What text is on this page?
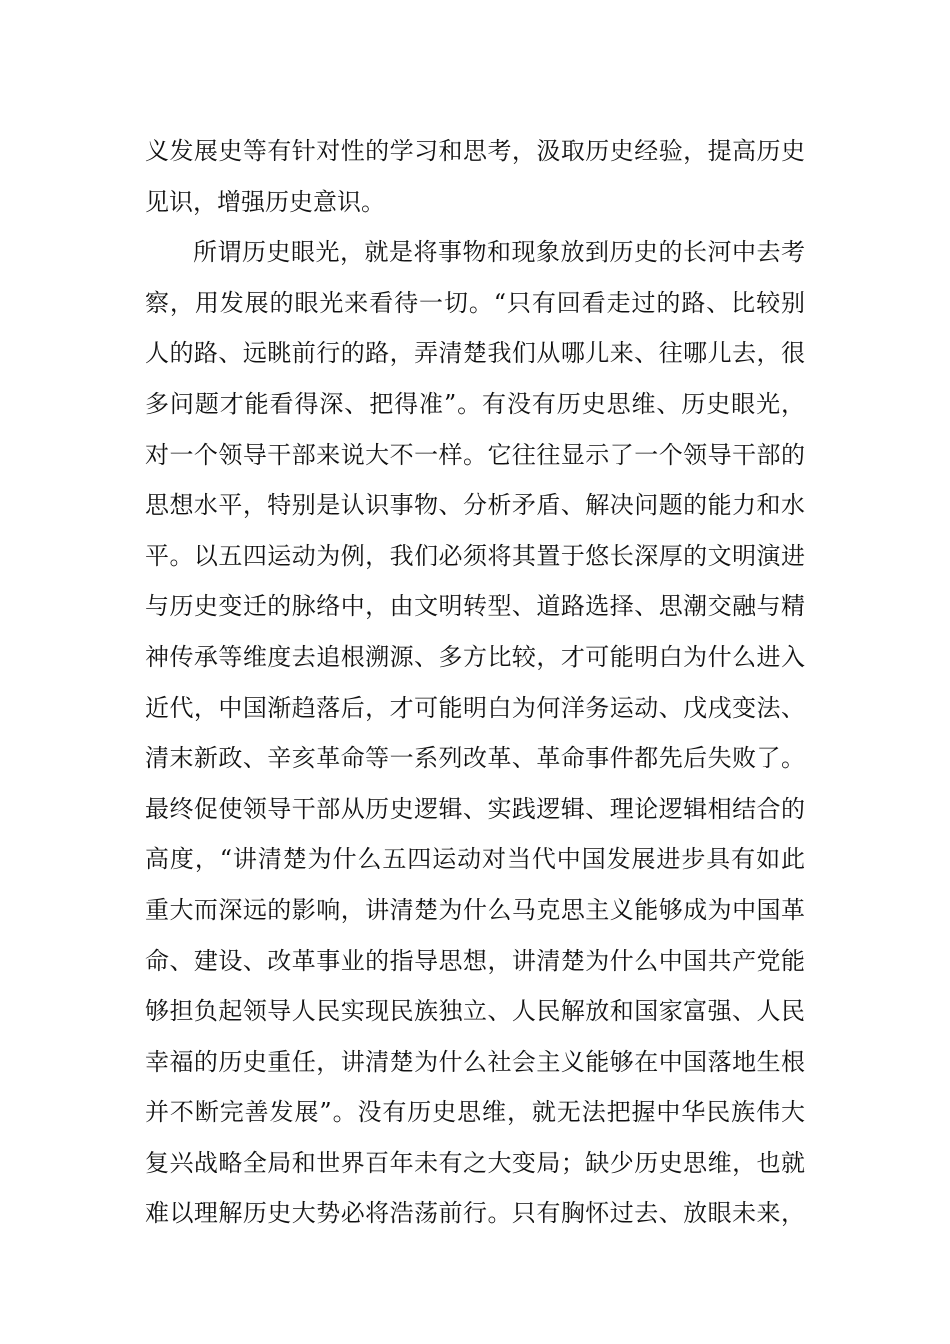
义发展史等有针对性的学习和思考，汲取历史经验，提高历史
见识，增强历史意识。
所谓历史眼光，就是将事物和现象放到历史的长河中去考
察，用发展的眼光来看待一切。“只有回看走过的路、比较别
人的路、远眺前行的路，弄清楚我们从哪儿来、往哪儿去，很
多问题才能看得深、把得准”。有没有历史思维、历史眼光，
对一个领导干部来说大不一样。它往往显示了一个领导干部的
思想水平，特别是认识事物、分析矛盾、解决问题的能力和水
平。以五四运动为例，我们必须将其置于悠长深厚的文明演进
与历史变迁的脉络中，由文明转型、道路选择、思潮交融与精
神传承等维度去追根溯源、多方比较，才可能明白为什么进入
近代，中国渐趋落后，才可能明白为何洋务运动、戊戌变法、
清末新政、辛亥革命等一系列改革、革命事件都先后失败了。
最终促使领导干部从历史逻辑、实践逻辑、理论逻辑相结合的
高度，“讲清楚为什么五四运动对当代中国发展进步具有如此
重大而深远的影响，讲清楚为什么马克思主义能够成为中国革
命、建设、改革事业的指导思想，讲清楚为什么中国共产党能
够担负起领导人民实现民族独立、人民解放和国家富强、人民
幸福的历史重任，讲清楚为什么社会主义能够在中国落地生根
并不断完善发展”。没有历史思维，就无法把握中华民族伟大
复兴战略全局和世界百年未有之大变局；缺少历史思维，也就
难以理解历史大势必将浩荡前行。只有胸怀过去、放眼未来，
